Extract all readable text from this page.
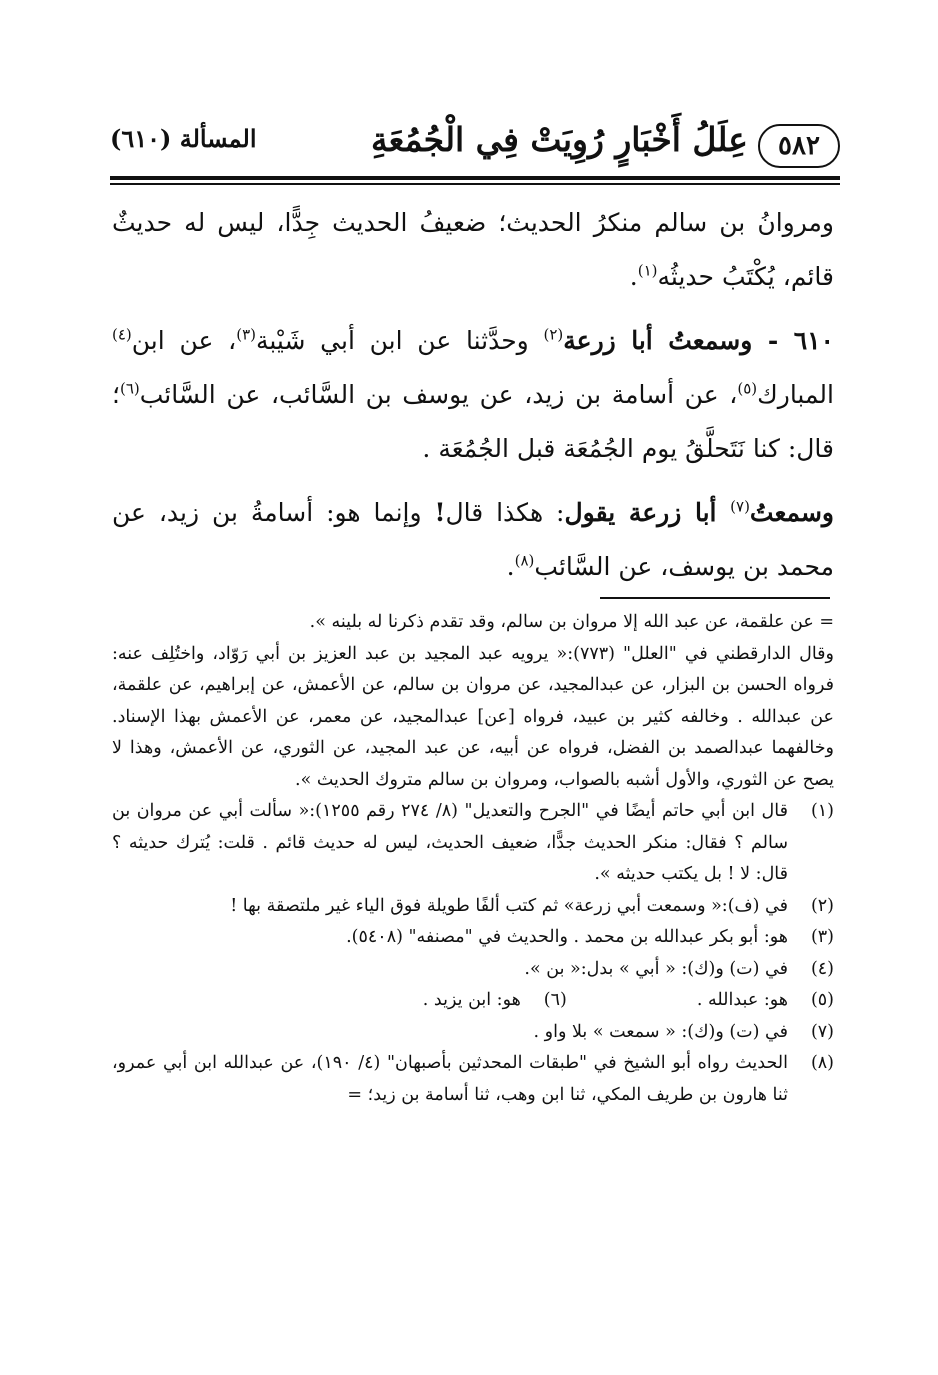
٥٨٢
عِلَلُ أَخْبَارٍ رُوِيَتْ فِي الْجُمُعَةِ
المسألة (٦١٠)

ومروانُ بن سالم منكرُ الحديث؛ ضعيفُ الحديث جِدًّا، ليس له حديثٌ قائم، يُكْتَبُ حديثُه$^{(١)}$.

٦١٠ - وسمعتُ أبا زرعة$^{(٢)}$ وحدَّثنا عن ابن أبي شَيْبة$^{(٣)}$، عن ابن$^{(٤)}$ المبارك$^{(٥)}$، عن أسامة بن زيد، عن يوسف بن السَّائب، عن السَّائب$^{(٦)}$؛ قال: كنا نَتَحلَّقُ يوم الجُمُعَة قبل الجُمُعَة .

وسمعتُ$^{(٧)}$ أبا زرعة يقول: هكذا قال! وإنما هو: أسامةُ بن زيد، عن محمد بن يوسف، عن السَّائب$^{(٨)}$.

= عن علقمة، عن عبد الله إلا مروان بن سالم، وقد تقدم ذكرنا له بلينه ».

وقال الدارقطني في "العلل" (٧٧٣):« يرويه عبد المجيد بن عبد العزيز بن أبي رَوّاد، واختُلِف عنه: فرواه الحسن بن البزار، عن عبدالمجيد، عن مروان بن سالم، عن الأعمش، عن إبراهيم، عن علقمة، عن عبدالله . وخالفه كثير بن عبيد، فرواه [عن] عبدالمجيد، عن معمر، عن الأعمش بهذا الإسناد. وخالفهما عبدالصمد بن الفضل، فرواه عن أبيه، عن عبد المجيد، عن الثوري، عن الأعمش، وهذا لا يصح عن الثوري، والأول أشبه بالصواب، ومروان بن سالم متروك الحديث ».

(١)
قال ابن أبي حاتم أيضًا في "الجرح والتعديل" (٨/ ٢٧٤ رقم ١٢٥٥):« سألت أبي عن مروان بن سالم ؟ فقال: منكر الحديث جدًّا، ضعيف الحديث، ليس له حديث قائم . قلت: يُترك حديثه ؟ قال: لا ! بل يكتب حديثه ».
(٢)
في (ف):« وسمعت أبي زرعة» ثم كتب ألفًا طويلة فوق الياء غير ملتصقة بها !
(٣)
هو: أبو بكر عبدالله بن محمد . والحديث في "مصنفه" (٥٤٠٨).
(٤)
في (ت) و(ك): « أبي » بدل:« بن ».
(٥)
هو: عبدالله .
(٦)
هو: ابن يزيد .
(٧)
في (ت) و(ك): « سمعت » بلا واو .
(٨)
الحديث رواه أبو الشيخ في "طبقات المحدثين بأصبهان" (٤/ ١٩٠)، عن عبدالله ابن أبي عمرو، ثنا هارون بن طريف المكي، ثنا ابن وهب، ثنا أسامة بن زيد؛ =
